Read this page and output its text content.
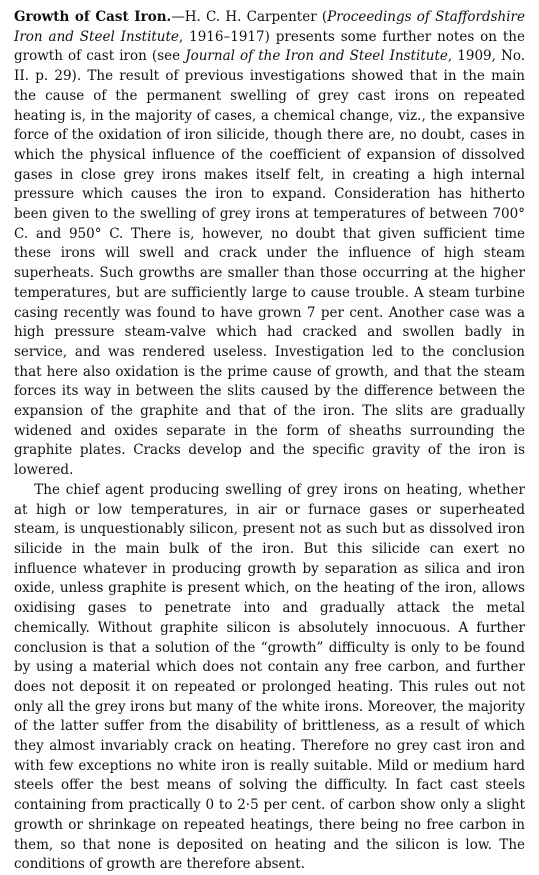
Growth of Cast Iron.—H. C. H. Carpenter (Proceedings of Staffordshire Iron and Steel Institute, 1916–1917) presents some further notes on the growth of cast iron (see Journal of the Iron and Steel Institute, 1909, No. II. p. 29). The result of previous investigations showed that in the main the cause of the permanent swelling of grey cast irons on repeated heating is, in the majority of cases, a chemical change, viz., the expansive force of the oxidation of iron silicide, though there are, no doubt, cases in which the physical influence of the coefficient of expansion of dissolved gases in close grey irons makes itself felt, in creating a high internal pressure which causes the iron to expand. Consideration has hitherto been given to the swelling of grey irons at temperatures of between 700° C. and 950° C. There is, however, no doubt that given sufficient time these irons will swell and crack under the influence of high steam superheats. Such growths are smaller than those occurring at the higher temperatures, but are sufficiently large to cause trouble. A steam turbine casing recently was found to have grown 7 per cent. Another case was a high pressure steam-valve which had cracked and swollen badly in service, and was rendered useless. Investigation led to the conclusion that here also oxidation is the prime cause of growth, and that the steam forces its way in between the slits caused by the difference between the expansion of the graphite and that of the iron. The slits are gradually widened and oxides separate in the form of sheaths surrounding the graphite plates. Cracks develop and the specific gravity of the iron is lowered.

The chief agent producing swelling of grey irons on heating, whether at high or low temperatures, in air or furnace gases or superheated steam, is unquestionably silicon, present not as such but as dissolved iron silicide in the main bulk of the iron. But this silicide can exert no influence whatever in producing growth by separation as silica and iron oxide, unless graphite is present which, on the heating of the iron, allows oxidising gases to penetrate into and gradually attack the metal chemically. Without graphite silicon is absolutely innocuous. A further conclusion is that a solution of the “growth” difficulty is only to be found by using a material which does not contain any free carbon, and further does not deposit it on repeated or prolonged heating. This rules out not only all the grey irons but many of the white irons. Moreover, the majority of the latter suffer from the disability of brittleness, as a result of which they almost invariably crack on heating. Therefore no grey cast iron and with few exceptions no white iron is really suitable. Mild or medium hard steels offer the best means of solving the difficulty. In fact cast steels containing from practically 0 to 2·5 per cent. of carbon show only a slight growth or shrinkage on repeated heatings, there being no free carbon in them, so that none is deposited on heating and the silicon is low. The conditions of growth are therefore absent.
